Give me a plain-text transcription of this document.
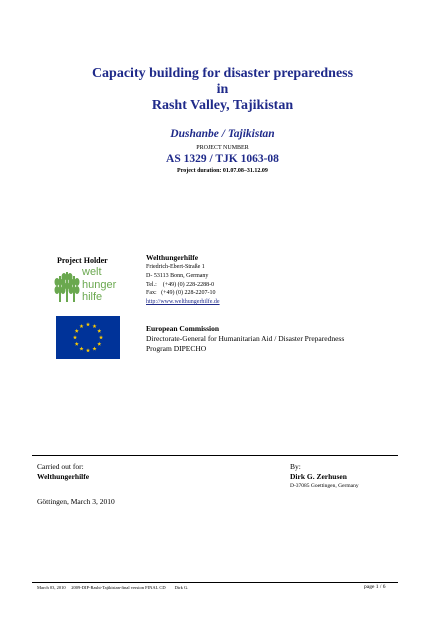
Capacity building for disaster preparedness
in
Rasht Valley, Tajikistan
Dushanbe / Tajikistan
PROJECT NUMBER
AS 1329 / TJK 1063-08
Project duration: 01.07.08–31.12.09
Project Holder
welt
hunger
hilfe
Welthungerhilfe
Friedrich-Ebert-Straße 1
D- 53113 Bonn, Germany
Tel.:    (+49) (0) 228-2288-0
Fax:   (+49) (0) 228-2207-10
http://www.welthungerhilfe.de
European Commission
Directorate-General for Humanitarian Aid / Disaster Preparedness
Program DIPECHO
Carried out for:
Welthungerhilfe
By:
Dirk G. Zerhusen
D-37085 Goettingen, Germany
Göttingen, March 3, 2010
March 03, 2010     2009-DIP-Rasht-Tajikistan-final version FINAL CD        Dirk G.	page 1 / 6
